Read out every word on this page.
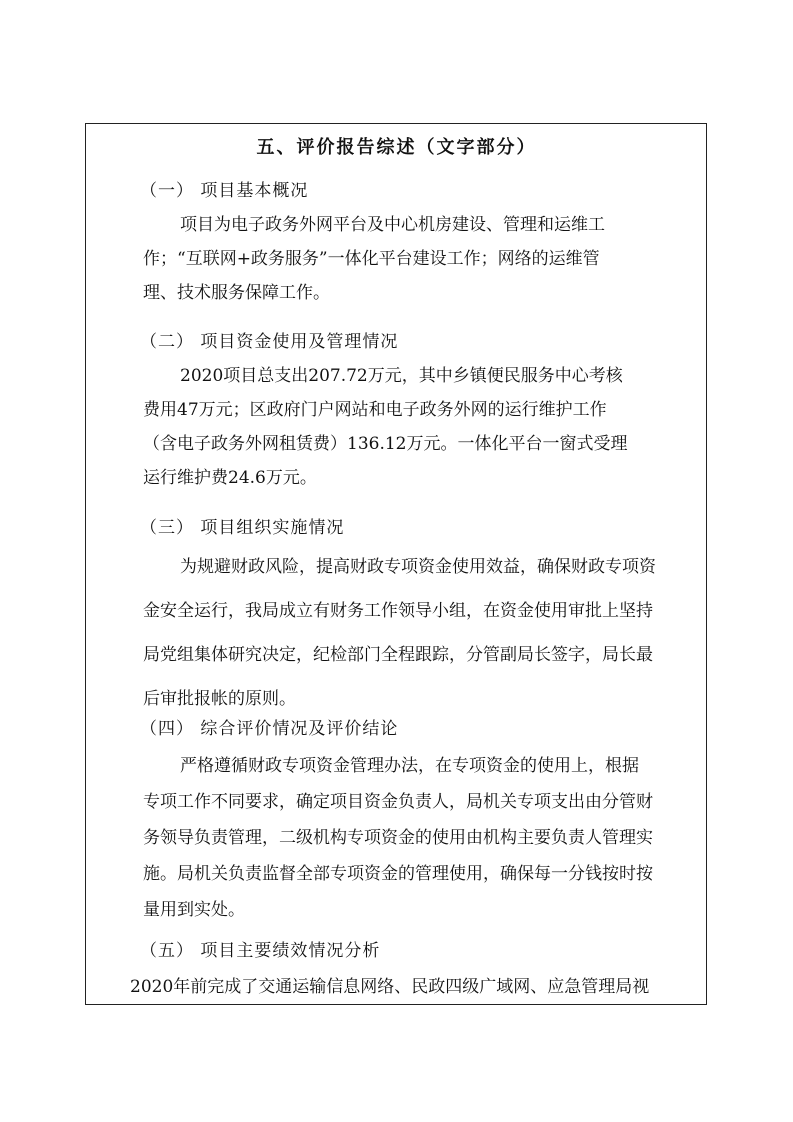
五、评价报告综述（文字部分）
（一） 项目基本概况
项目为电子政务外网平台及中心机房建设、管理和运维工
作；“互联网+政务服务”一体化平台建设工作；网络的运维管
理、技术服务保障工作。
（二） 项目资金使用及管理情况
2020项目总支出207.72万元，其中乡镇便民服务中心考核
费用47万元；区政府门户网站和电子政务外网的运行维护工作
（含电子政务外网租赁费）136.12万元。一体化平台一窗式受理
运行维护费24.6万元。
（三） 项目组织实施情况
为规避财政风险，提高财政专项资金使用效益，确保财政专项资
金安全运行，我局成立有财务工作领导小组，在资金使用审批上坚持
局党组集体研究决定，纪检部门全程跟踪，分管副局长签字，局长最
后审批报帐的原则。
（四） 综合评价情况及评价结论
严格遵循财政专项资金管理办法，在专项资金的使用上，根据
专项工作不同要求，确定项目资金负责人，局机关专项支出由分管财
务领导负责管理，二级机构专项资金的使用由机构主要负责人管理实
施。局机关负责监督全部专项资金的管理使用，确保每一分钱按时按
量用到实处。
（五） 项目主要绩效情况分析
2020年前完成了交通运输信息网络、民政四级广域网、应急管理局视
